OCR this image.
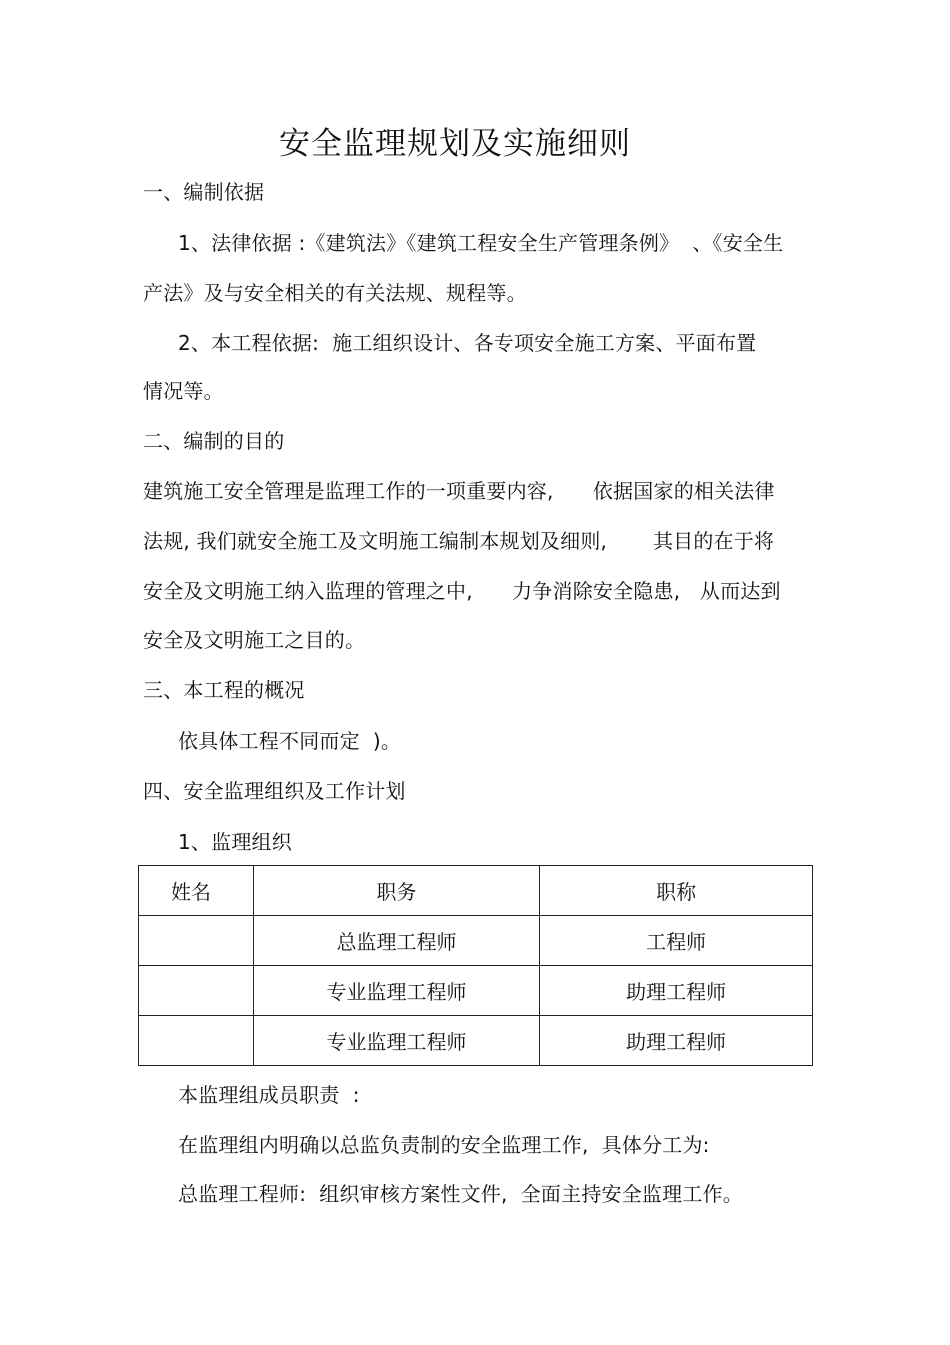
安全监理规划及实施细则
一、编制依据
1、法律依据 :《建筑法》《建筑工程安全生产管理条例》  、《安全生
产法》及与安全相关的有关法规、规程等。
2、本工程依据:  施工组织设计、各专项安全施工方案、平面布置
情况等。
二、编制的目的
建筑施工安全管理是监理工作的一项重要内容,      依据国家的相关法律
法规, 我们就安全施工及文明施工编制本规划及细则,       其目的在于将
安全及文明施工纳入监理的管理之中,      力争消除安全隐患,   从而达到
安全及文明施工之目的。
三、本工程的概况
依具体工程不同而定  )。
四、安全监理组织及工作计划
1、监理组织
姓名	职务	职称
	总监理工程师	工程师
	专业监理工程师	助理工程师
	专业监理工程师	助理工程师
本监理组成员职责  :
在监理组内明确以总监负责制的安全监理工作,  具体分工为:
总监理工程师:  组织审核方案性文件,  全面主持安全监理工作。
